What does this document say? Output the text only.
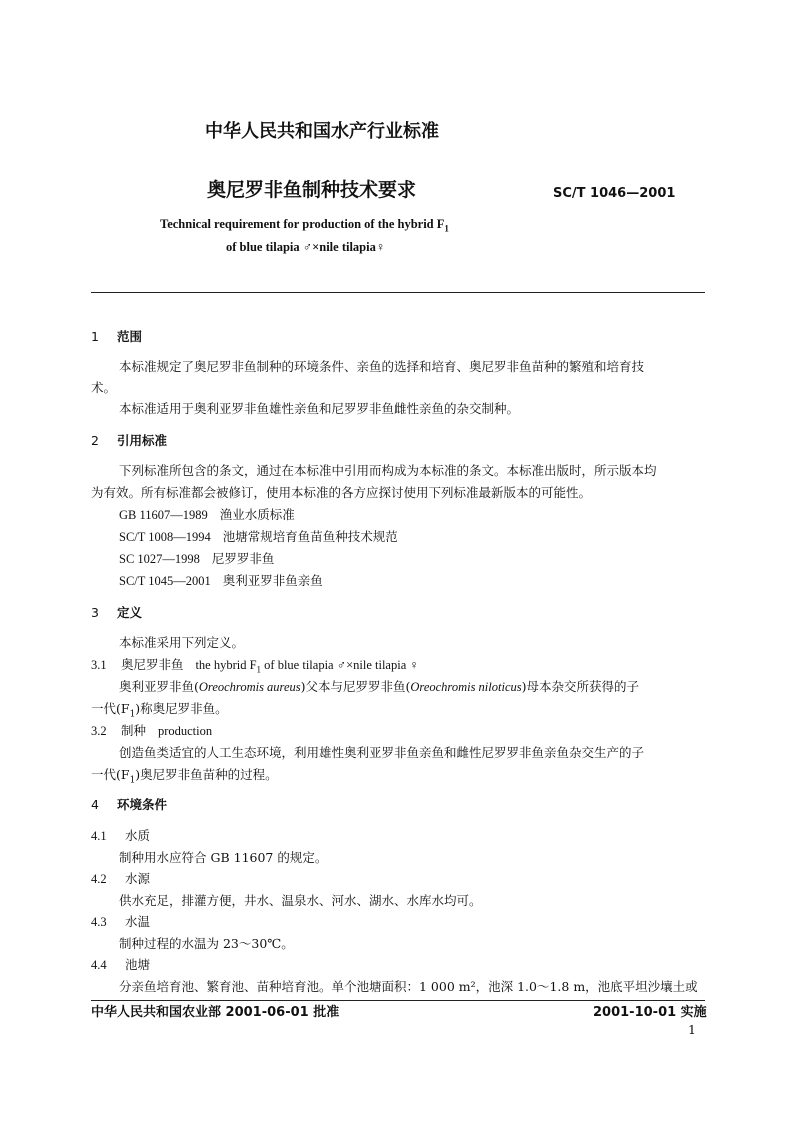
中华人民共和国水产行业标准
奥尼罗非鱼制种技术要求	SC/T 1046—2001
Technical requirement for production of the hybrid $F_1$
of blue tilapia ♂×nile tilapia♀
1 范围
本标准规定了奥尼罗非鱼制种的环境条件、亲鱼的选择和培育、奥尼罗非鱼苗种的繁殖和培育技
术。
本标准适用于奥利亚罗非鱼雄性亲鱼和尼罗罗非鱼雌性亲鱼的杂交制种。
2 引用标准
下列标准所包含的条文，通过在本标准中引用而构成为本标准的条文。本标准出版时，所示版本均
为有效。所有标准都会被修订，使用本标准的各方应探讨使用下列标准最新版本的可能性。
GB 11607—1989 渔业水质标准
SC/T 1008—1994 池塘常规培育鱼苗鱼种技术规范
SC 1027—1998 尼罗罗非鱼
SC/T 1045—2001 奥利亚罗非鱼亲鱼
3 定义
本标准采用下列定义。
3.1 奥尼罗非鱼 the hybrid $F_1$ of blue tilapia ♂×nile tilapia ♀
奥利亚罗非鱼(Oreochromis aureus)父本与尼罗罗非鱼(Oreochromis niloticus)母本杂交所获得的子
一代$(F_1)$称奥尼罗非鱼。
3.2 制种 production
创造鱼类适宜的人工生态环境，利用雄性奥利亚罗非鱼亲鱼和雌性尼罗罗非鱼亲鱼杂交生产的子
一代$(F_1)$奥尼罗非鱼苗种的过程。
4 环境条件
4.1 水质
制种用水应符合 GB 11607 的规定。
4.2 水源
供水充足，排灌方便，井水、温泉水、河水、湖水、水库水均可。
4.3 水温
制种过程的水温为 23～30℃。
4.4 池塘
分亲鱼培育池、繁育池、苗种培育池。单个池塘面积：1 000 m²，池深 1.0～1.8 m，池底平坦沙壤土或
中华人民共和国农业部 2001-06-01 批准	2001-10-01 实施
1
